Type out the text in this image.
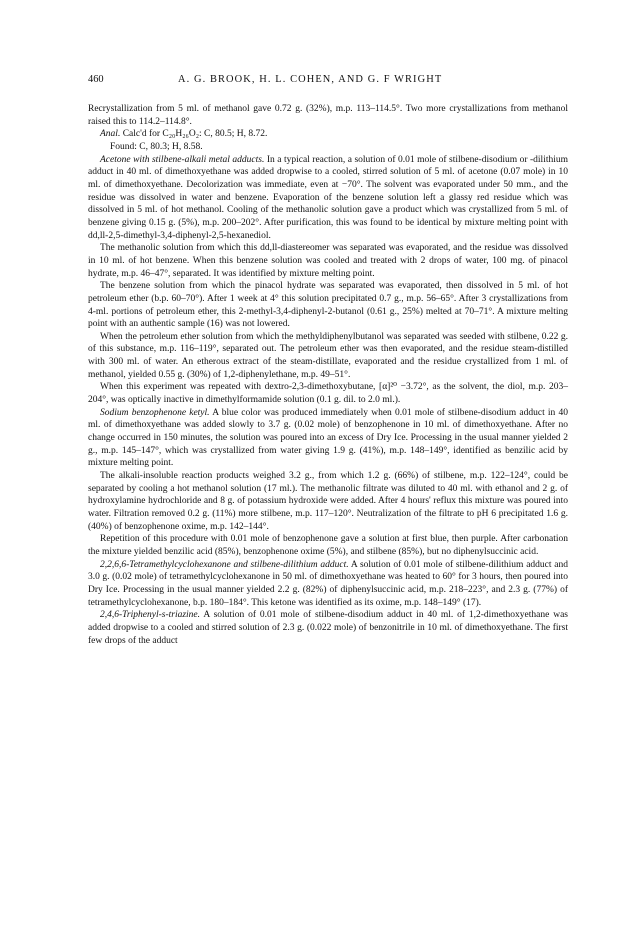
460	A. G. BROOK, H. L. COHEN, AND G. F WRIGHT

Recrystallization from 5 ml. of methanol gave 0.72 g. (32%), m.p. 113–114.5°. Two more crystallizations from methanol raised this to 114.2–114.8°.

Anal. Calc'd for C₂₀H₂₆O₂: C, 80.5; H, 8.72.

Found: C, 80.3; H, 8.58.

Acetone with stilbene-alkali metal adducts. In a typical reaction, a solution of 0.01 mole of stilbene-disodium or -dilithium adduct in 40 ml. of dimethoxyethane was added dropwise to a cooled, stirred solution of 5 ml. of acetone (0.07 mole) in 10 ml. of dimethoxyethane. Decolorization was immediate, even at −70°. The solvent was evaporated under 50 mm., and the residue was dissolved in water and benzene. Evaporation of the benzene solution left a glassy red residue which was dissolved in 5 ml. of hot methanol. Cooling of the methanolic solution gave a product which was crystallized from 5 ml. of benzene giving 0.15 g. (5%), m.p. 200–202°. After purification, this was found to be identical by mixture melting point with dd,ll-2,5-dimethyl-3,4-diphenyl-2,5-hexanediol.

The methanolic solution from which this dd,ll-diastereomer was separated was evaporated, and the residue was dissolved in 10 ml. of hot benzene. When this benzene solution was cooled and treated with 2 drops of water, 100 mg. of pinacol hydrate, m.p. 46–47°, separated. It was identified by mixture melting point.

The benzene solution from which the pinacol hydrate was separated was evaporated, then dissolved in 5 ml. of hot petroleum ether (b.p. 60–70°). After 1 week at 4° this solution precipitated 0.7 g., m.p. 56–65°. After 3 crystallizations from 4-ml. portions of petroleum ether, this 2-methyl-3,4-diphenyl-2-butanol (0.61 g., 25%) melted at 70–71°. A mixture melting point with an authentic sample (16) was not lowered.

When the petroleum ether solution from which the methyldiphenylbutanol was separated was seeded with stilbene, 0.22 g. of this substance, m.p. 116–119°, separated out. The petroleum ether was then evaporated, and the residue steam-distilled with 300 ml. of water. An etherous extract of the steam-distillate, evaporated and the residue crystallized from 1 ml. of methanol, yielded 0.55 g. (30%) of 1,2-diphenylethane, m.p. 49–51°.

When this experiment was repeated with dextro-2,3-dimethoxybutane, [α]²⁰ −3.72°, as the solvent, the diol, m.p. 203–204°, was optically inactive in dimethylformamide solution (0.1 g. dil. to 2.0 ml.).

Sodium benzophenone ketyl. A blue color was produced immediately when 0.01 mole of stilbene-disodium adduct in 40 ml. of dimethoxyethane was added slowly to 3.7 g. (0.02 mole) of benzophenone in 10 ml. of dimethoxyethane. After no change occurred in 150 minutes, the solution was poured into an excess of Dry Ice. Processing in the usual manner yielded 2 g., m.p. 145–147°, which was crystallized from water giving 1.9 g. (41%), m.p. 148–149°, identified as benzilic acid by mixture melting point.

The alkali-insoluble reaction products weighed 3.2 g., from which 1.2 g. (66%) of stilbene, m.p. 122–124°, could be separated by cooling a hot methanol solution (17 ml.). The methanolic filtrate was diluted to 40 ml. with ethanol and 2 g. of hydroxylamine hydrochloride and 8 g. of potassium hydroxide were added. After 4 hours' reflux this mixture was poured into water. Filtration removed 0.2 g. (11%) more stilbene, m.p. 117–120°. Neutralization of the filtrate to pH 6 precipitated 1.6 g. (40%) of benzophenone oxime, m.p. 142–144°.

Repetition of this procedure with 0.01 mole of benzophenone gave a solution at first blue, then purple. After carbonation the mixture yielded benzilic acid (85%), benzophenone oxime (5%), and stilbene (85%), but no diphenylsuccinic acid.

2,2,6,6-Tetramethylcyclohexanone and stilbene-dilithium adduct. A solution of 0.01 mole of stilbene-dilithium adduct and 3.0 g. (0.02 mole) of tetramethylcyclohexanone in 50 ml. of dimethoxyethane was heated to 60° for 3 hours, then poured into Dry Ice. Processing in the usual manner yielded 2.2 g. (82%) of diphenylsuccinic acid, m.p. 218–223°, and 2.3 g. (77%) of tetramethylcyclohexanone, b.p. 180–184°. This ketone was identified as its oxime, m.p. 148–149° (17).

2,4,6-Triphenyl-s-triazine. A solution of 0.01 mole of stilbene-disodium adduct in 40 ml. of 1,2-dimethoxyethane was added dropwise to a cooled and stirred solution of 2.3 g. (0.022 mole) of benzonitrile in 10 ml. of dimethoxyethane. The first few drops of the adduct
